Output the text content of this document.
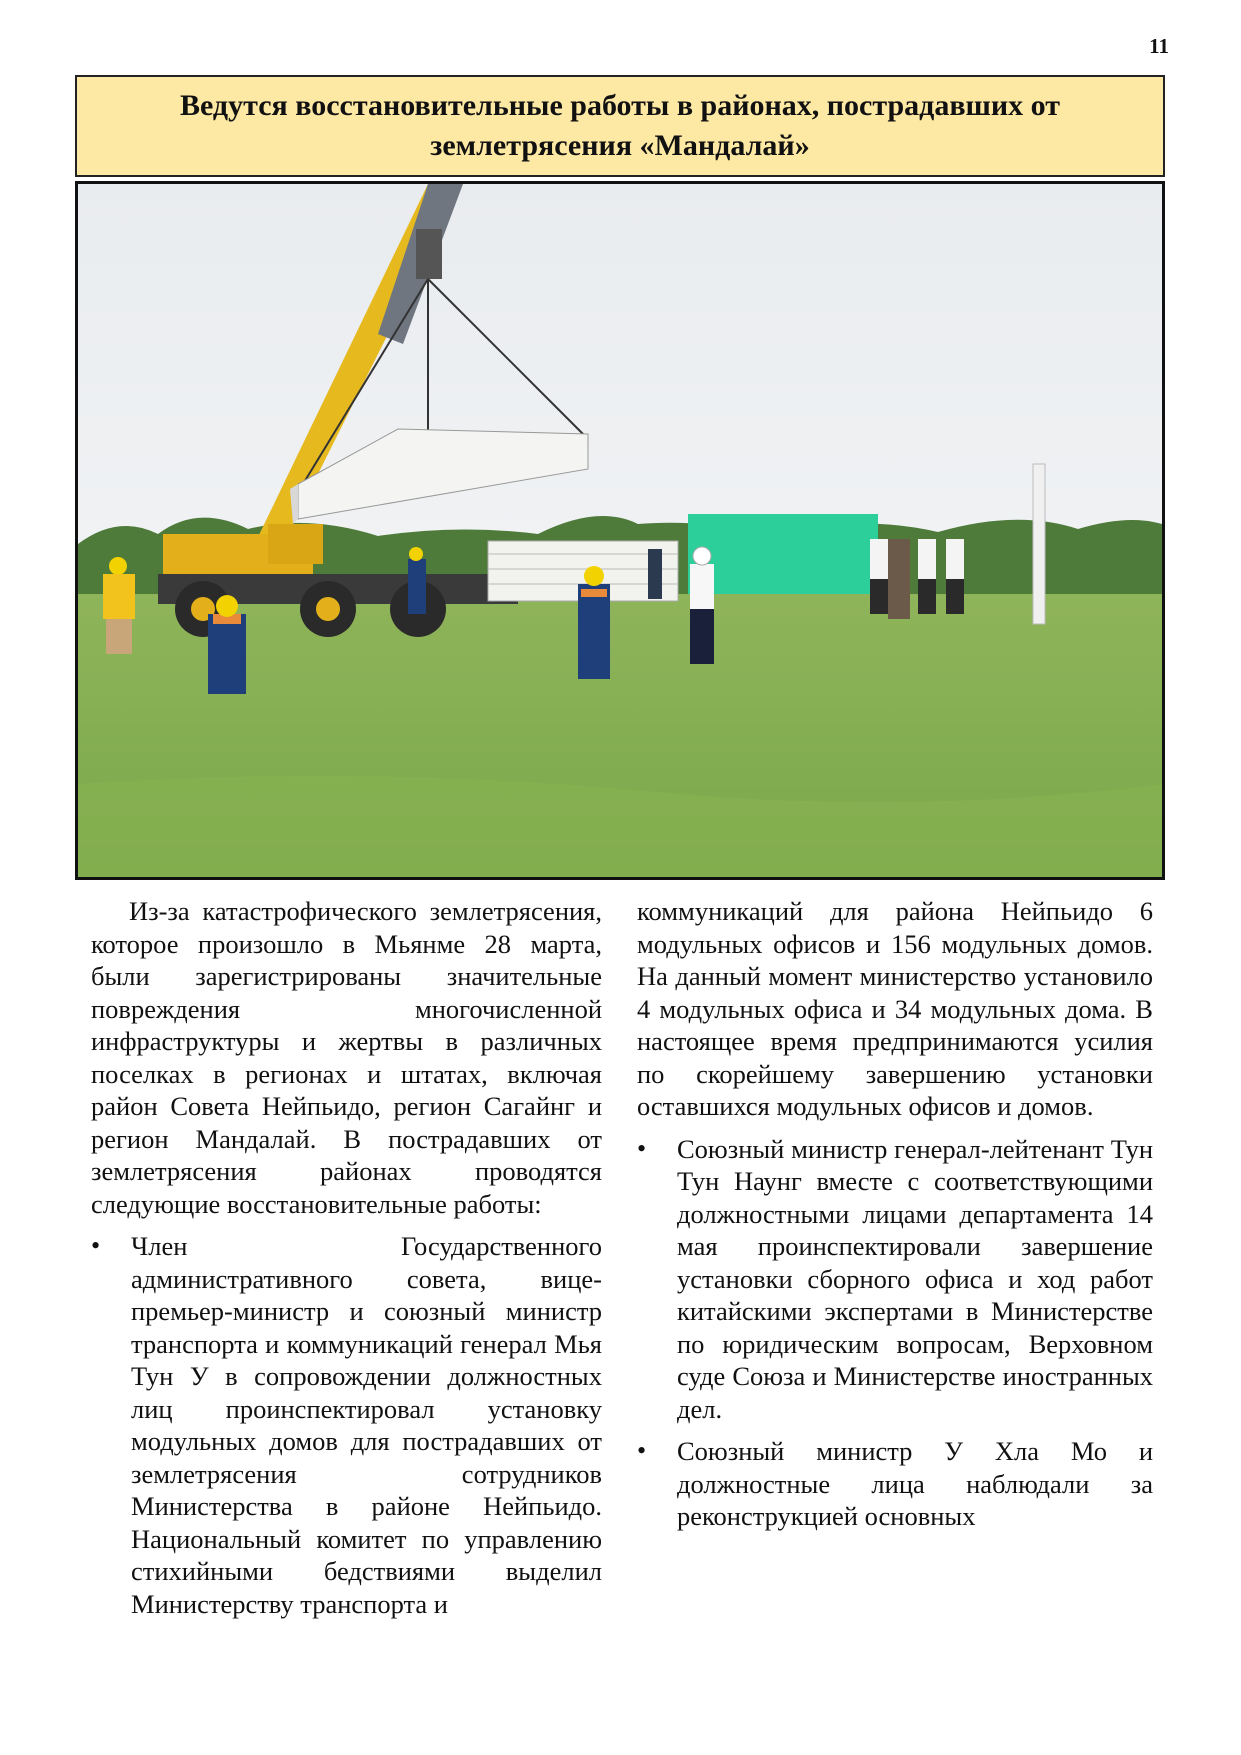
11
Ведутся восстановительные работы в районах, пострадавших от землетрясения «Мандалай»

Из-за катастрофического землетрясения, которое произошло в Мьянме 28 марта, были зарегистрированы значительные повреждения многочисленной инфраструктуры и жертвы в различных поселках в регионах и штатах, включая район Совета Нейпьидо, регион Сагайнг и регион Мандалай. В пострадавших от землетрясения районах проводятся следующие восстановительные работы:

• Член Государственного административного совета, вице-премьер-министр и союзный министр транспорта и коммуникаций генерал Мья Тун У в сопровождении должностных лиц проинспектировал установку модульных домов для пострадавших от землетрясения сотрудников Министерства в районе Нейпьидо. Национальный комитет по управлению стихийными бедствиями выделил Министерству транспорта и

коммуникаций для района Нейпьидо 6 модульных офисов и 156 модульных домов. На данный момент министерство установило 4 модульных офиса и 34 модульных дома. В настоящее время предпринимаются усилия по скорейшему завершению установки оставшихся модульных офисов и домов.

• Союзный министр генерал-лейтенант Тун Тун Наунг вместе с соответствующими должностными лицами департамента 14 мая проинспектировали завершение установки сборного офиса и ход работ китайскими экспертами в Министерстве по юридическим вопросам, Верховном суде Союза и Министерстве иностранных дел.
• Союзный министр У Хла Мо и должностные лица наблюдали за реконструкцией основных
